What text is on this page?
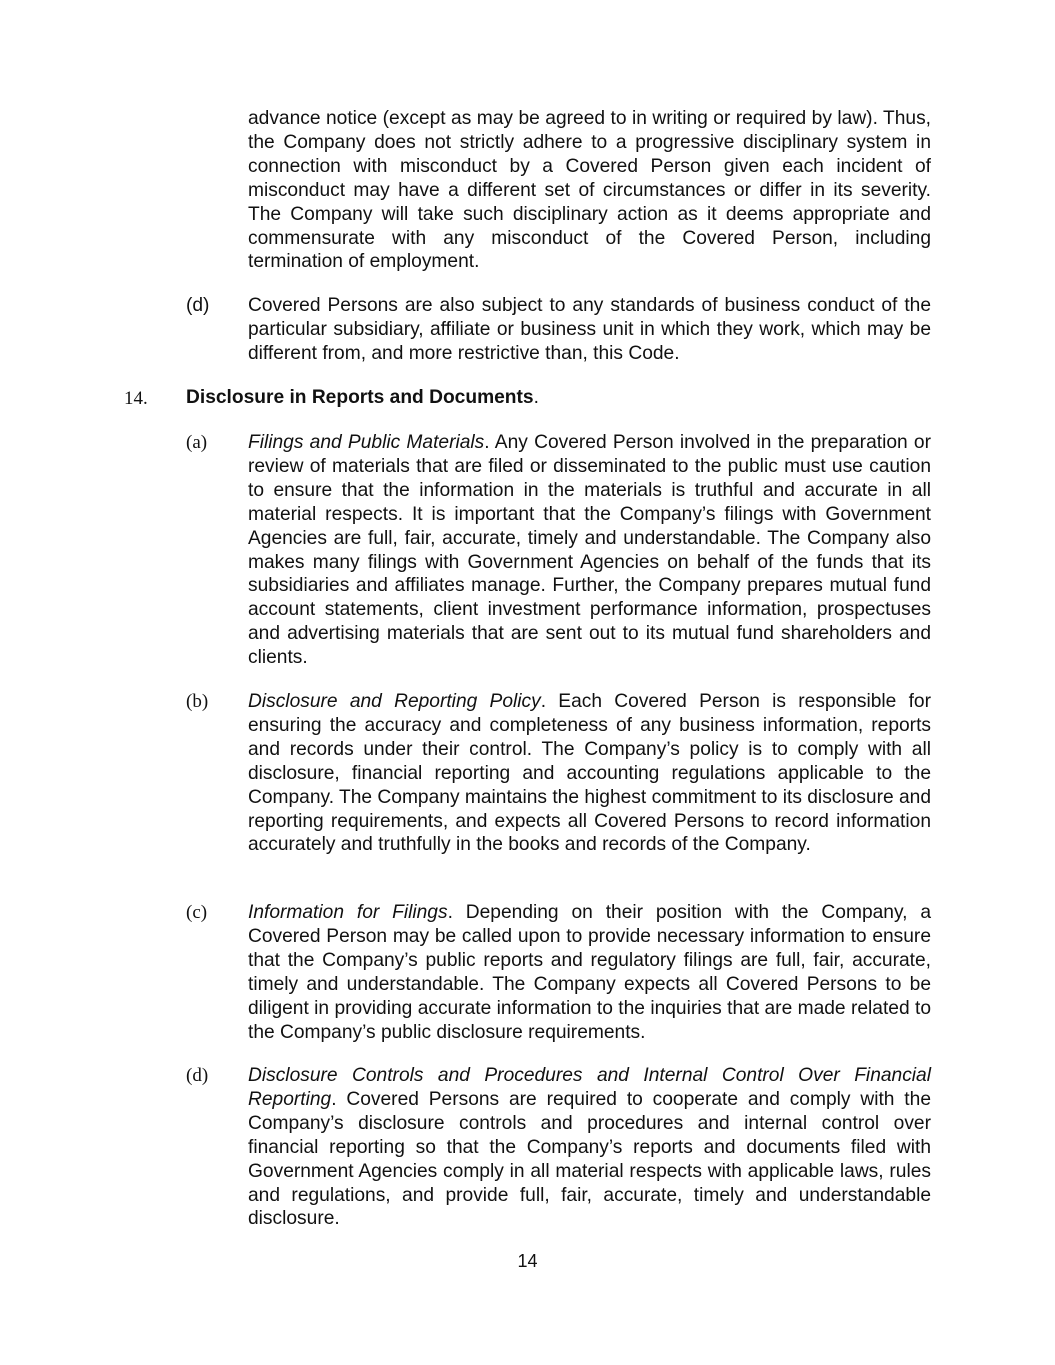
advance notice (except as may be agreed to in writing or required by law). Thus, the Company does not strictly adhere to a progressive disciplinary system in connection with misconduct by a Covered Person given each incident of misconduct may have a different set of circumstances or differ in its severity. The Company will take such disciplinary action as it deems appropriate and commensurate with any misconduct of the Covered Person, including termination of employment.

(d) Covered Persons are also subject to any standards of business conduct of the particular subsidiary, affiliate or business unit in which they work, which may be different from, and more restrictive than, this Code.

14. Disclosure in Reports and Documents.

(a) Filings and Public Materials. Any Covered Person involved in the preparation or review of materials that are filed or disseminated to the public must use caution to ensure that the information in the materials is truthful and accurate in all material respects. It is important that the Company’s filings with Government Agencies are full, fair, accurate, timely and understandable. The Company also makes many filings with Government Agencies on behalf of the funds that its subsidiaries and affiliates manage. Further, the Company prepares mutual fund account statements, client investment performance information, prospectuses and advertising materials that are sent out to its mutual fund shareholders and clients.

(b) Disclosure and Reporting Policy. Each Covered Person is responsible for ensuring the accuracy and completeness of any business information, reports and records under their control. The Company’s policy is to comply with all disclosure, financial reporting and accounting regulations applicable to the Company. The Company maintains the highest commitment to its disclosure and reporting requirements, and expects all Covered Persons to record information accurately and truthfully in the books and records of the Company.

(c) Information for Filings. Depending on their position with the Company, a Covered Person may be called upon to provide necessary information to ensure that the Company’s public reports and regulatory filings are full, fair, accurate, timely and understandable. The Company expects all Covered Persons to be diligent in providing accurate information to the inquiries that are made related to the Company’s public disclosure requirements.

(d) Disclosure Controls and Procedures and Internal Control Over Financial Reporting. Covered Persons are required to cooperate and comply with the Company’s disclosure controls and procedures and internal control over financial reporting so that the Company’s reports and documents filed with Government Agencies comply in all material respects with applicable laws, rules and regulations, and provide full, fair, accurate, timely and understandable disclosure.

14
